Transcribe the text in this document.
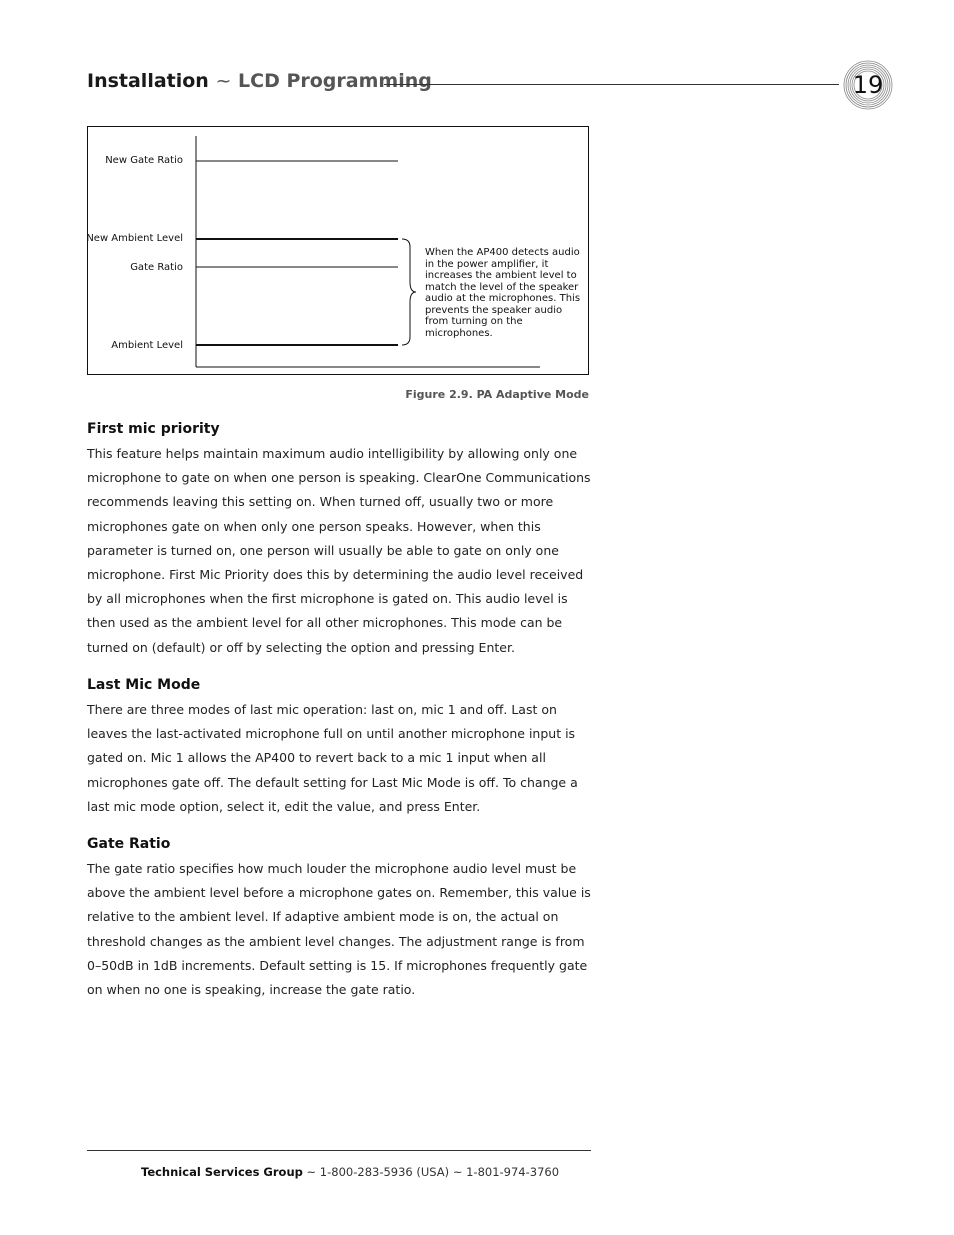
Installation ~ LCD Programming	19
New Gate Ratio
New Ambient Level
Gate Ratio
Ambient Level
When the AP400 detects audio in the power amplifier, it increases the ambient level to match the level of the speaker audio at the microphones. This prevents the speaker audio from turning on the microphones.
Figure 2.9. PA Adaptive Mode
First mic priority
This feature helps maintain maximum audio intelligibility by allowing only one microphone to gate on when one person is speaking. ClearOne Communications recommends leaving this setting on. When turned off, usually two or more microphones gate on when only one person speaks. However, when this parameter is turned on, one person will usually be able to gate on only one microphone. First Mic Priority does this by determining the audio level received by all microphones when the first microphone is gated on. This audio level is then used as the ambient level for all other microphones. This mode can be turned on (default) or off by selecting the option and pressing Enter.
Last Mic Mode
There are three modes of last mic operation: last on, mic 1 and off. Last on leaves the last-activated microphone full on until another microphone input is gated on. Mic 1 allows the AP400 to revert back to a mic 1 input when all microphones gate off. The default setting for Last Mic Mode is off. To change a last mic mode option, select it, edit the value, and press Enter.
Gate Ratio
The gate ratio specifies how much louder the microphone audio level must be above the ambient level before a microphone gates on. Remember, this value is relative to the ambient level. If adaptive ambient mode is on, the actual on threshold changes as the ambient level changes. The adjustment range is from 0–50dB in 1dB increments. Default setting is 15. If microphones frequently gate on when no one is speaking, increase the gate ratio.
Technical Services Group ~ 1-800-283-5936 (USA) ~ 1-801-974-3760
